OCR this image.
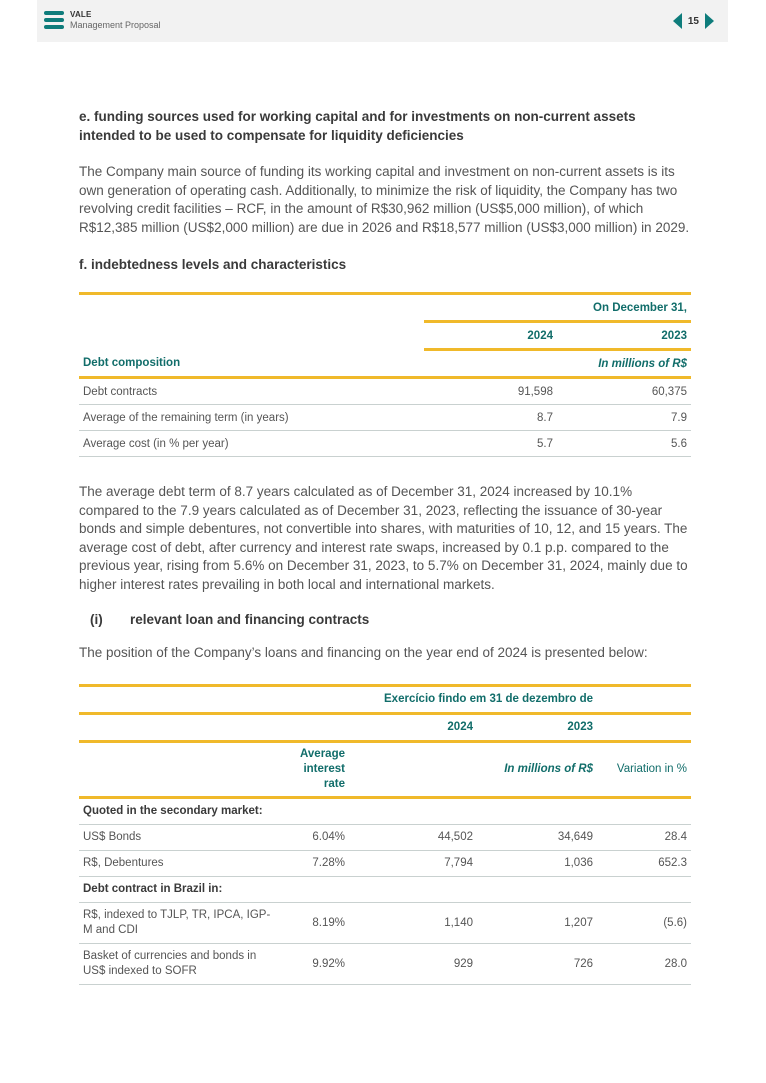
VALE
Management Proposal	15
e. funding sources used for working capital and for investments on non-current assets intended to be used to compensate for liquidity deficiencies

The Company main source of funding its working capital and investment on non-current assets is its own generation of operating cash. Additionally, to minimize the risk of liquidity, the Company has two revolving credit facilities – RCF, in the amount of R$30,962 million (US$5,000 million), of which R$12,385 million (US$2,000 million) are due in 2026 and R$18,577 million (US$3,000 million) in 2029.

f. indebtedness levels and characteristics
		On December 31,
	2024	2023
Debt composition		In millions of R$
Debt contracts	91,598	60,375
Average of the remaining term (in years)	8.7	7.9
Average cost (in % per year)	5.7	5.6

The average debt term of 8.7 years calculated as of December 31, 2024 increased by 10.1% compared to the 7.9 years calculated as of December 31, 2023, reflecting the issuance of 30-year bonds and simple debentures, not convertible into shares, with maturities of 10, 12, and 15 years. The average cost of debt, after currency and interest rate swaps, increased by 0.1 p.p. compared to the previous year, rising from 5.6% on December 31, 2023, to 5.7% on December 31, 2024, mainly due to higher interest rates prevailing in both local and international markets.

(i) relevant loan and financing contracts

The position of the Company’s loans and financing on the year end of 2024 is presented below:

		Exercício findo em 31 de dezembro de		
		2024	2023	
	Average interest rate		In millions of R$	Variation in %
Quoted in the secondary market:				
US$ Bonds	6.04%	44,502	34,649	28.4
R$, Debentures	7.28%	7,794	1,036	652.3
Debt contract in Brazil in:				
R$, indexed to TJLP, TR, IPCA, IGP-M and CDI	8.19%	1,140	1,207	(5.6)
Basket of currencies and bonds in US$ indexed to SOFR	9.92%	929	726	28.0
